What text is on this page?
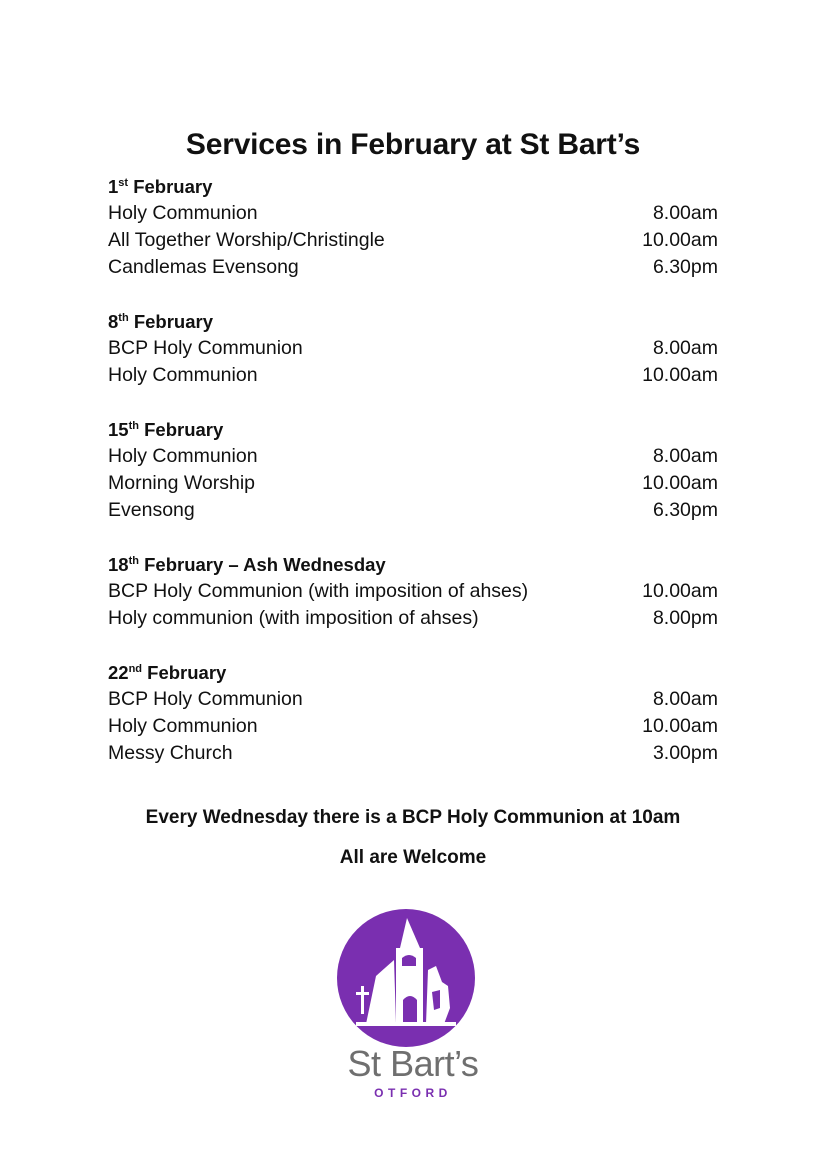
Services in February at St Bart’s
1st February
Holy Communion	8.00am
All Together Worship/Christingle	10.00am
Candlemas Evensong	6.30pm
8th February
BCP Holy Communion	8.00am
Holy Communion	10.00am
15th February
Holy Communion	8.00am
Morning Worship	10.00am
Evensong	6.30pm
18th February – Ash Wednesday
BCP Holy Communion (with imposition of ahses)	10.00am
Holy communion (with imposition of ahses)	8.00pm
22nd February
BCP Holy Communion	8.00am
Holy Communion	10.00am
Messy Church	3.00pm
Every Wednesday there is a BCP Holy Communion at 10am
All are Welcome
St Bart’s
OTFORD
